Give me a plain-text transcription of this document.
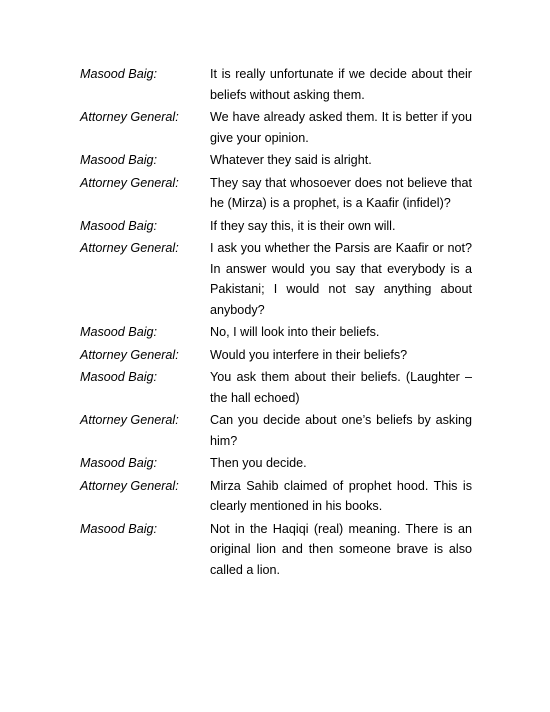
Masood Baig:	It is really unfortunate if we decide about their beliefs without asking them.
Attorney General:	We have already asked them. It is better if you give your opinion.
Masood Baig:	Whatever they said is alright.
Attorney General:	They say that whosoever does not believe that he (Mirza) is a prophet, is a Kaafir (infidel)?
Masood Baig:	If they say this, it is their own will.
Attorney General:	I ask you whether the Parsis are Kaafir or not? In answer would you say that everybody is a Pakistani; I would not say anything about anybody?
Masood Baig:	No, I will look into their beliefs.
Attorney General:	Would you interfere in their beliefs?
Masood Baig:	You ask them about their beliefs. (Laughter – the hall echoed)
Attorney General:	Can you decide about one’s beliefs by asking him?
Masood Baig:	Then you decide.
Attorney General:	Mirza Sahib claimed of prophet hood. This is clearly mentioned in his books.
Masood Baig:	Not in the Haqiqi (real) meaning. There is an original lion and then someone brave is also called a lion.
